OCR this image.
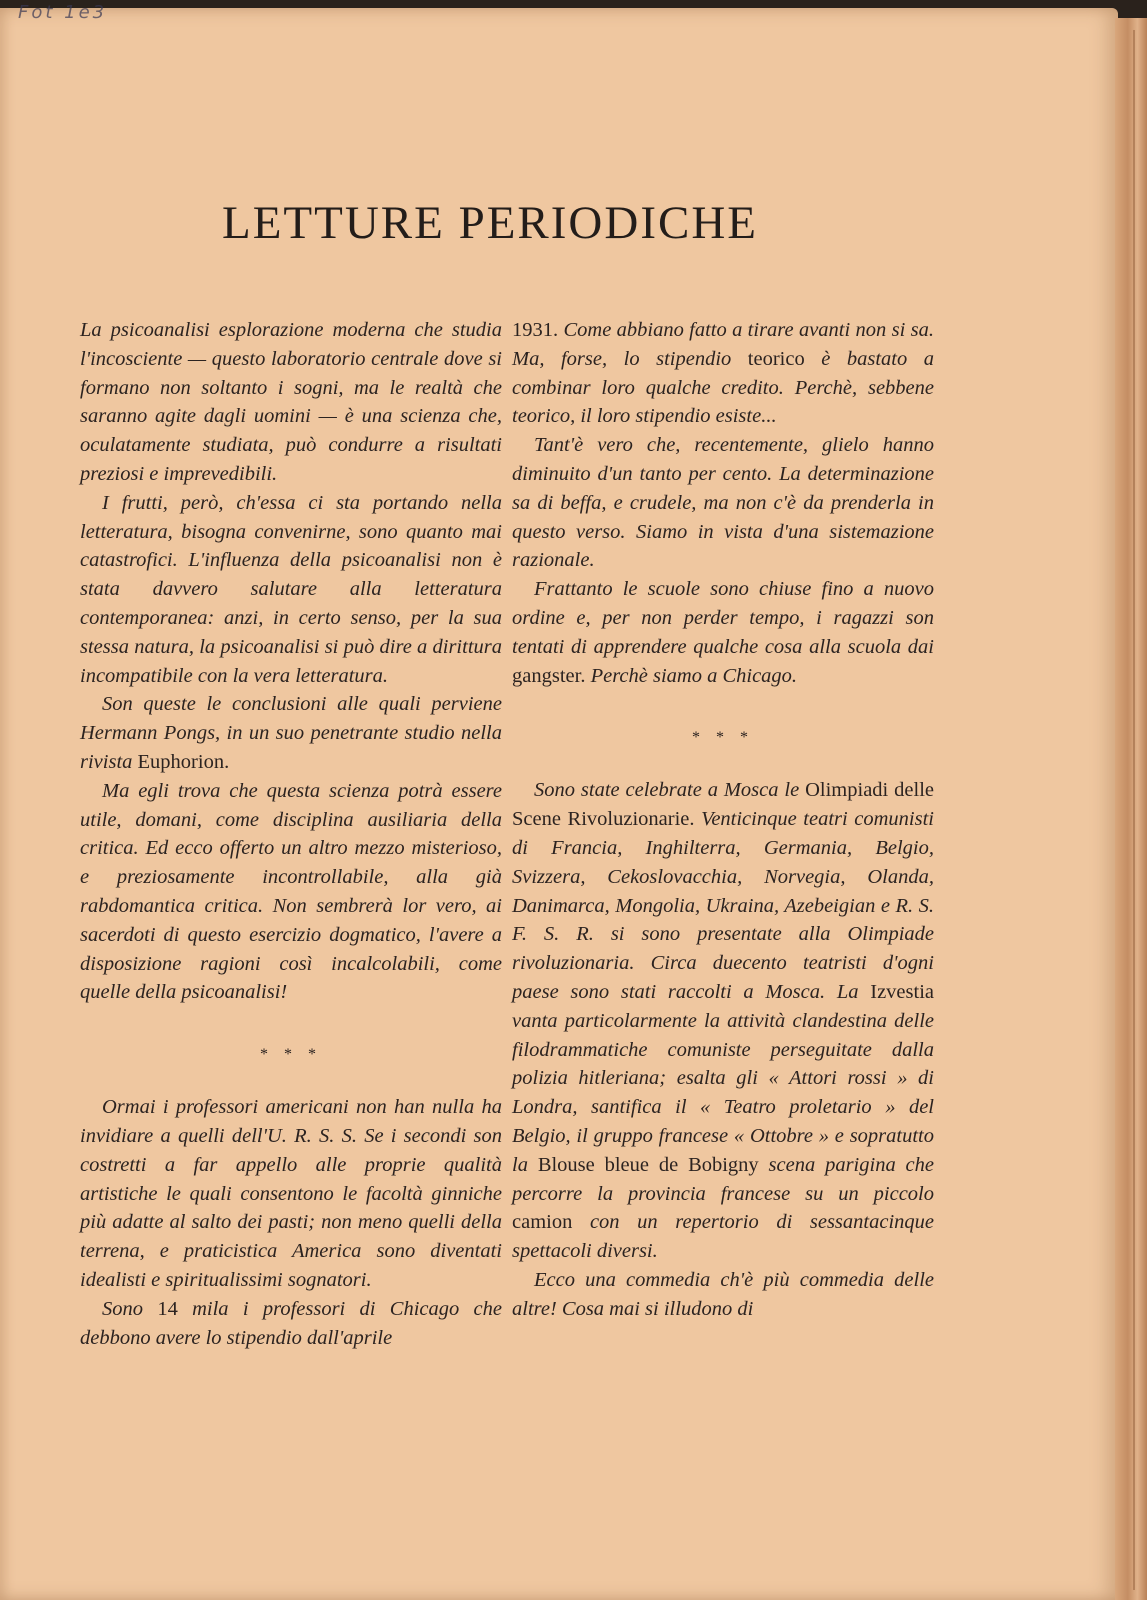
Fot 1e3
LETTURE PERIODICHE

La psicoanalisi esplorazione moderna che studia l'incosciente — questo laboratorio centrale dove si formano non soltanto i sogni, ma le realtà che saranno agite dagli uomini — è una scienza che, oculatamente studiata, può condurre a risultati preziosi e imprevedibili.

I frutti, però, ch'essa ci sta portando nella letteratura, bisogna convenirne, sono quanto mai catastrofici. L'influenza della psicoanalisi non è stata davvero salutare alla letteratura contemporanea: anzi, in certo senso, per la sua stessa natura, la psicoanalisi si può dire a dirittura incompatibile con la vera letteratura.

Son queste le conclusioni alle quali perviene Hermann Pongs, in un suo penetrante studio nella rivista Euphorion.

Ma egli trova che questa scienza potrà essere utile, domani, come disciplina ausiliaria della critica. Ed ecco offerto un altro mezzo misterioso, e preziosamente incontrollabile, alla già rabdomantica critica. Non sembrerà lor vero, ai sacerdoti di questo esercizio dogmatico, l'avere a disposizione ragioni così incalcolabili, come quelle della psicoanalisi!

* * *

Ormai i professori americani non han nulla ha invidiare a quelli dell'U. R. S. S. Se i secondi son costretti a far appello alle proprie qualità artistiche le quali consentono le facoltà ginniche più adatte al salto dei pasti; non meno quelli della terrena, e praticistica America sono diventati idealisti e spiritualissimi sognatori.

Sono 14 mila i professori di Chicago che debbono avere lo stipendio dall'aprile

1931. Come abbiano fatto a tirare avanti non si sa. Ma, forse, lo stipendio teorico è bastato a combinar loro qualche credito. Perchè, sebbene teorico, il loro stipendio esiste...

Tant'è vero che, recentemente, glielo hanno diminuito d'un tanto per cento. La determinazione sa di beffa, e crudele, ma non c'è da prenderla in questo verso. Siamo in vista d'una sistemazione razionale.

Frattanto le scuole sono chiuse fino a nuovo ordine e, per non perder tempo, i ragazzi son tentati di apprendere qualche cosa alla scuola dai gangster. Perchè siamo a Chicago.

* * *

Sono state celebrate a Mosca le Olimpiadi delle Scene Rivoluzionarie. Venticinque teatri comunisti di Francia, Inghilterra, Germania, Belgio, Svizzera, Cekoslovacchia, Norvegia, Olanda, Danimarca, Mongolia, Ukraina, Azebeigian e R. S. F. S. R. si sono presentate alla Olimpiade rivoluzionaria. Circa duecento teatristi d'ogni paese sono stati raccolti a Mosca. La Izvestia vanta particolarmente la attività clandestina delle filodrammatiche comuniste perseguitate dalla polizia hitleriana; esalta gli « Attori rossi » di Londra, santifica il « Teatro proletario » del Belgio, il gruppo francese « Ottobre » e sopratutto la Blouse bleue de Bobigny scena parigina che percorre la provincia francese su un piccolo camion con un repertorio di sessantacinque spettacoli diversi.

Ecco una commedia ch'è più commedia delle altre! Cosa mai si illudono di
